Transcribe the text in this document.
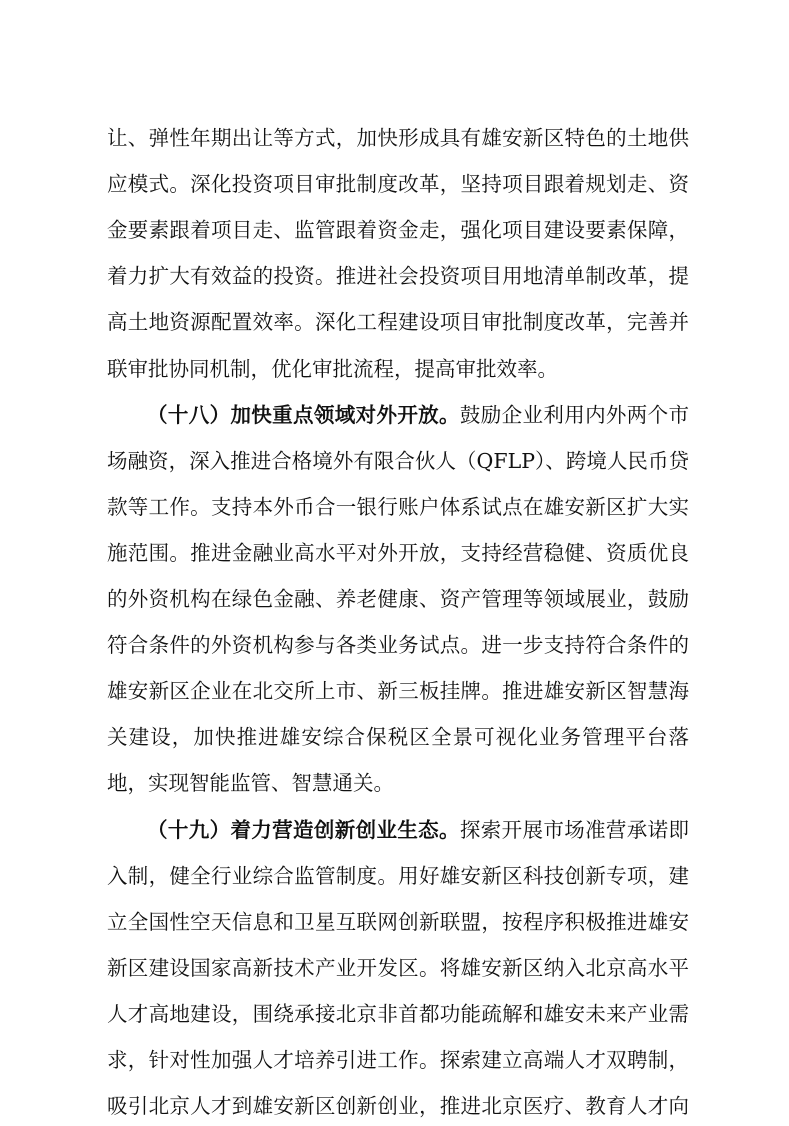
让、弹性年期出让等方式，加快形成具有雄安新区特色的土地供
应模式。深化投资项目审批制度改革，坚持项目跟着规划走、资
金要素跟着项目走、监管跟着资金走，强化项目建设要素保障，
着力扩大有效益的投资。推进社会投资项目用地清单制改革，提
高土地资源配置效率。深化工程建设项目审批制度改革，完善并
联审批协同机制，优化审批流程，提高审批效率。
（十八）加快重点领域对外开放。鼓励企业利用内外两个市
场融资，深入推进合格境外有限合伙人（QFLP）、跨境人民币贷
款等工作。支持本外币合一银行账户体系试点在雄安新区扩大实
施范围。推进金融业高水平对外开放，支持经营稳健、资质优良
的外资机构在绿色金融、养老健康、资产管理等领域展业，鼓励
符合条件的外资机构参与各类业务试点。进一步支持符合条件的
雄安新区企业在北交所上市、新三板挂牌。推进雄安新区智慧海
关建设，加快推进雄安综合保税区全景可视化业务管理平台落
地，实现智能监管、智慧通关。
（十九）着力营造创新创业生态。探索开展市场准营承诺即
入制，健全行业综合监管制度。用好雄安新区科技创新专项，建
立全国性空天信息和卫星互联网创新联盟，按程序积极推进雄安
新区建设国家高新技术产业开发区。将雄安新区纳入北京高水平
人才高地建设，围绕承接北京非首都功能疏解和雄安未来产业需
求，针对性加强人才培养引进工作。探索建立高端人才双聘制，
吸引北京人才到雄安新区创新创业，推进北京医疗、教育人才向
